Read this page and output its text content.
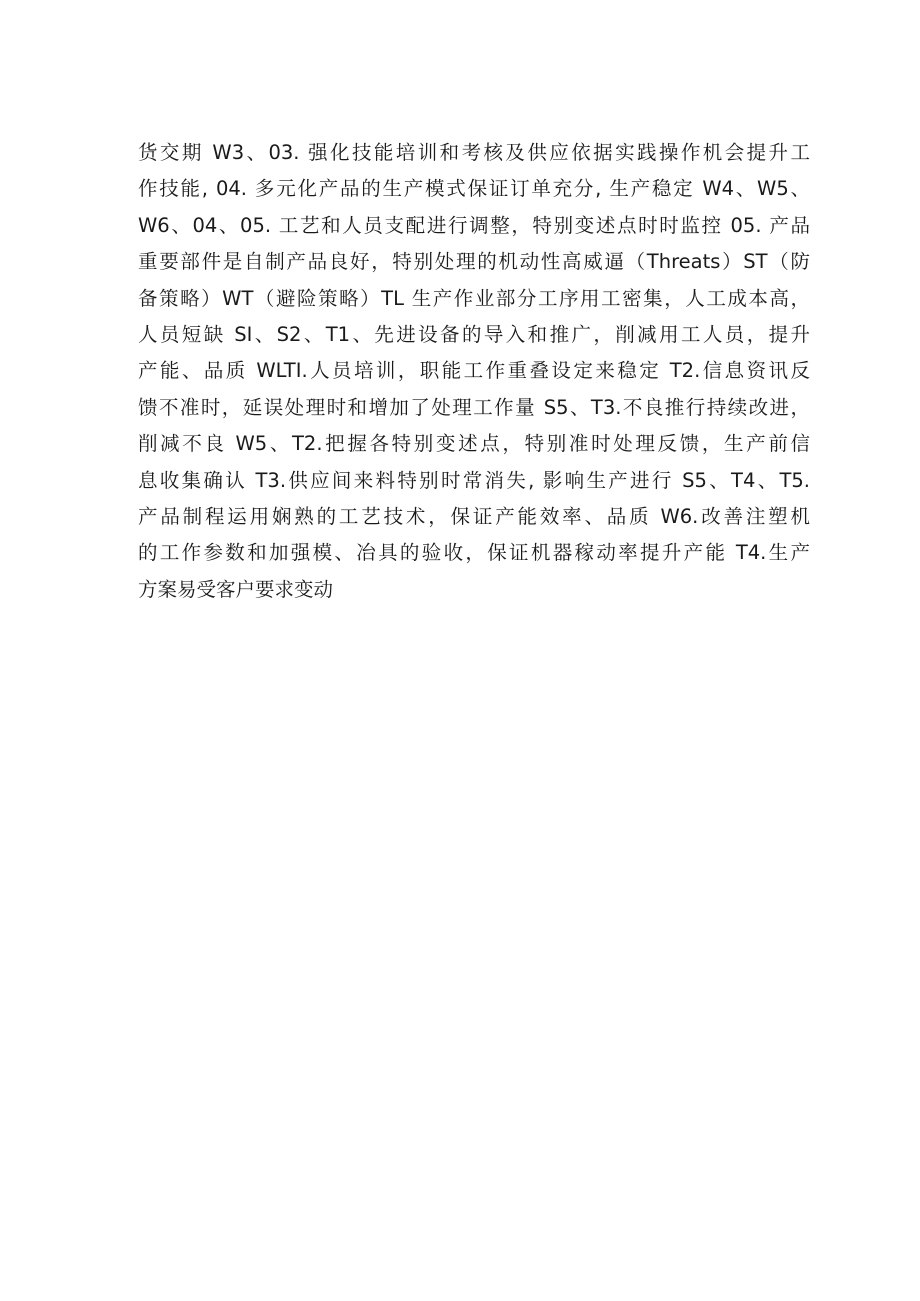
货交期 W3、03. 强化技能培训和考核及供应依据实践操作机会提升工
作技能, 04. 多元化产品的生产模式保证订单充分, 生产稳定 W4、W5、
W6、04、05. 工艺和人员支配进行调整，特别变述点时时监控 05. 产品
重要部件是自制产品良好，特别处理的机动性高威逼（Threats）ST（防
备策略）WT（避险策略）TL 生产作业部分工序用工密集，人工成本高，
人员短缺 SI、S2、T1、先进设备的导入和推广，削减用工人员，提升
产能、品质 WLTI.人员培训，职能工作重叠设定来稳定 T2.信息资讯反
馈不准时，延误处理时和增加了处理工作量 S5、T3.不良推行持续改进，
削减不良 W5、T2.把握各特别变述点，特别准时处理反馈，生产前信
息收集确认 T3.供应间来料特别时常消失, 影响生产进行 S5、T4、T5.
产品制程运用娴熟的工艺技术，保证产能效率、品质 W6.改善注塑机
的工作参数和加强模、冶具的验收，保证机器稼动率提升产能 T4.生产
方案易受客户要求变动
